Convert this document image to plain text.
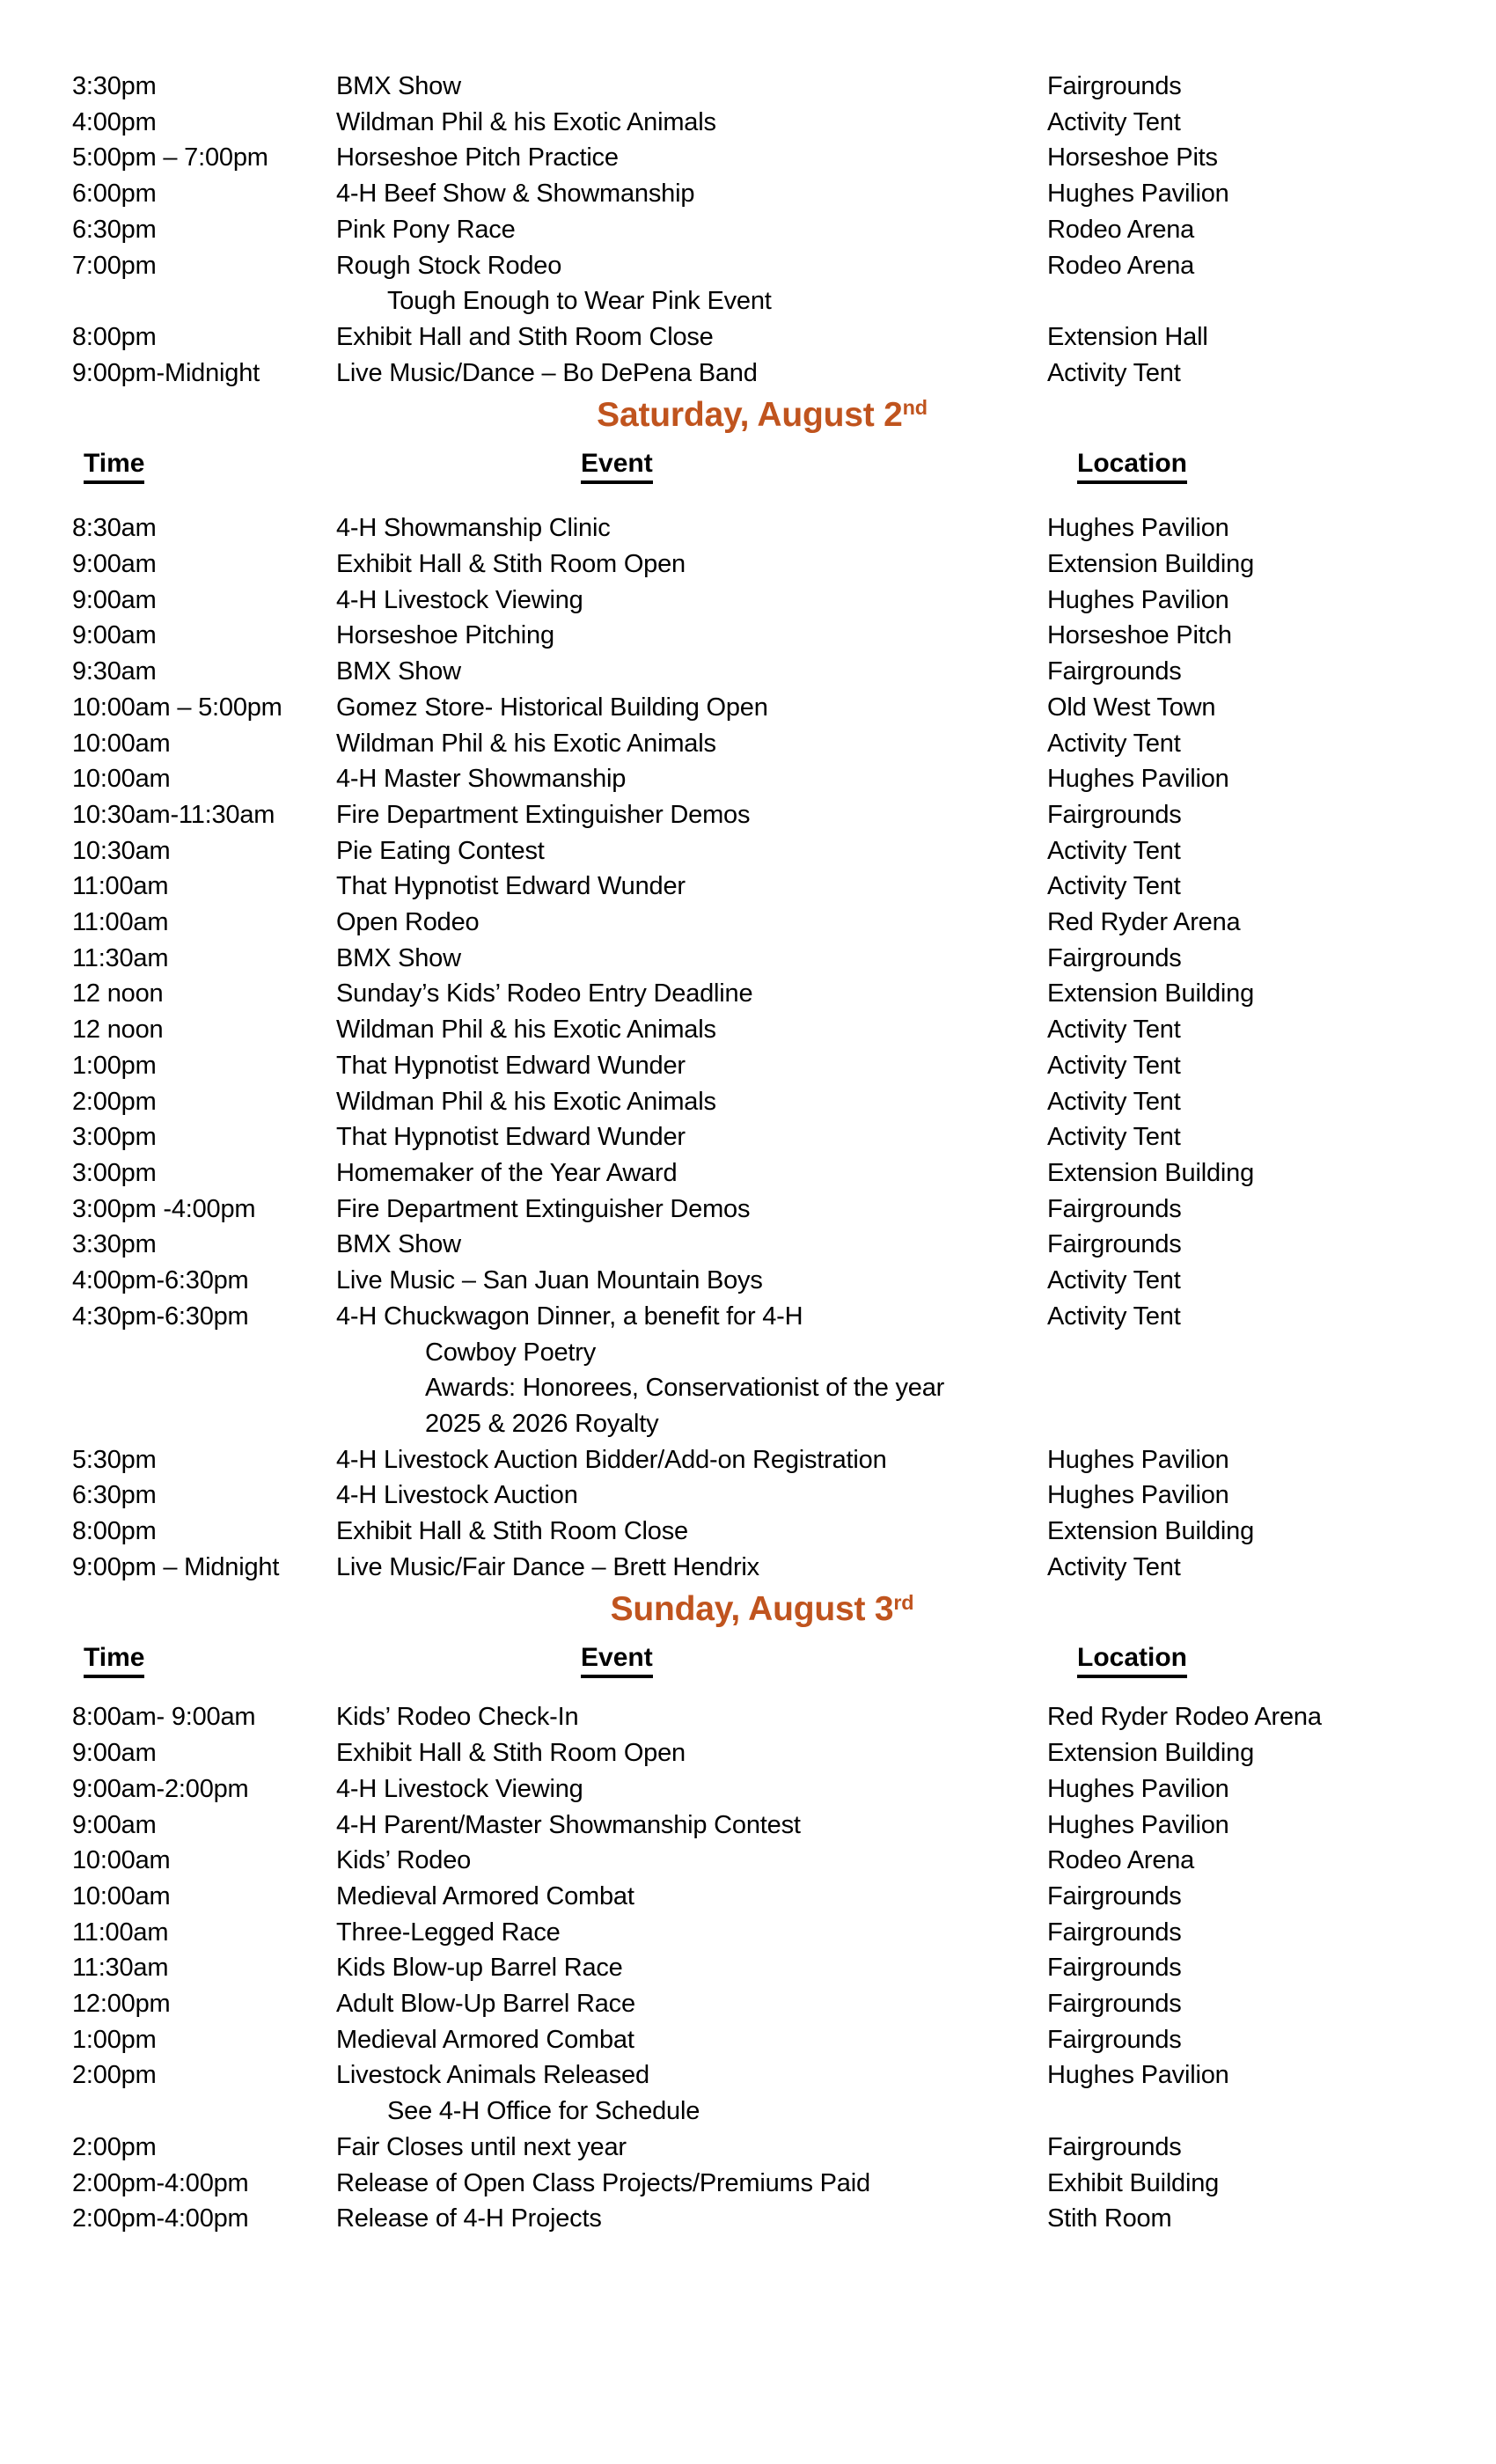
3:30pm	BMX Show	Fairgrounds
4:00pm	Wildman Phil & his Exotic Animals	Activity Tent
5:00pm – 7:00pm	Horseshoe Pitch Practice	Horseshoe Pits
6:00pm	4-H Beef Show & Showmanship	Hughes Pavilion
6:30pm	Pink Pony Race	Rodeo Arena
7:00pm	Rough Stock Rodeo	Rodeo Arena
Tough Enough to Wear Pink Event
8:00pm	Exhibit Hall and Stith Room Close	Extension Hall
9:00pm-Midnight	Live Music/Dance – Bo DePena Band	Activity Tent
Saturday, August 2nd
Time	Event	Location
8:30am	4-H Showmanship Clinic	Hughes Pavilion
9:00am	Exhibit Hall & Stith Room Open	Extension Building
9:00am	4-H Livestock Viewing	Hughes Pavilion
9:00am	Horseshoe Pitching	Horseshoe Pitch
9:30am	BMX Show	Fairgrounds
10:00am – 5:00pm	Gomez Store- Historical Building Open	Old West Town
10:00am	Wildman Phil & his Exotic Animals	Activity Tent
10:00am	4-H Master Showmanship	Hughes Pavilion
10:30am-11:30am	Fire Department Extinguisher Demos	Fairgrounds
10:30am	Pie Eating Contest	Activity Tent
11:00am	That Hypnotist Edward Wunder	Activity Tent
11:00am	Open Rodeo	Red Ryder Arena
11:30am	BMX Show	Fairgrounds
12 noon	Sunday’s Kids’ Rodeo Entry Deadline	Extension Building
12 noon	Wildman Phil & his Exotic Animals	Activity Tent
1:00pm	That Hypnotist Edward Wunder	Activity Tent
2:00pm	Wildman Phil & his Exotic Animals	Activity Tent
3:00pm	That Hypnotist Edward Wunder	Activity Tent
3:00pm	Homemaker of the Year Award	Extension Building
3:00pm -4:00pm	Fire Department Extinguisher Demos	Fairgrounds
3:30pm	BMX Show	Fairgrounds
4:00pm-6:30pm	Live Music – San Juan Mountain Boys	Activity Tent
4:30pm-6:30pm	4-H Chuckwagon Dinner, a benefit for 4-H	Activity Tent
Cowboy Poetry
Awards: Honorees, Conservationist of the year
2025 & 2026 Royalty
5:30pm	4-H Livestock Auction Bidder/Add-on Registration	Hughes Pavilion
6:30pm	4-H Livestock Auction	Hughes Pavilion
8:00pm	Exhibit Hall & Stith Room Close	Extension Building
9:00pm – Midnight	Live Music/Fair Dance – Brett Hendrix	Activity Tent
Sunday, August 3rd
Time	Event	Location
8:00am- 9:00am	Kids’ Rodeo Check-In	Red Ryder Rodeo Arena
9:00am	Exhibit Hall & Stith Room Open	Extension Building
9:00am-2:00pm	4-H Livestock Viewing	Hughes Pavilion
9:00am	4-H Parent/Master Showmanship Contest	Hughes Pavilion
10:00am	Kids’ Rodeo	Rodeo Arena
10:00am	Medieval Armored Combat	Fairgrounds
11:00am	Three-Legged Race	Fairgrounds
11:30am	Kids Blow-up Barrel Race	Fairgrounds
12:00pm	Adult Blow-Up Barrel Race	Fairgrounds
1:00pm	Medieval Armored Combat	Fairgrounds
2:00pm	Livestock Animals Released	Hughes Pavilion
See 4-H Office for Schedule
2:00pm	Fair Closes until next year	Fairgrounds
2:00pm-4:00pm	Release of Open Class Projects/Premiums Paid	Exhibit Building
2:00pm-4:00pm	Release of 4-H Projects	Stith Room
